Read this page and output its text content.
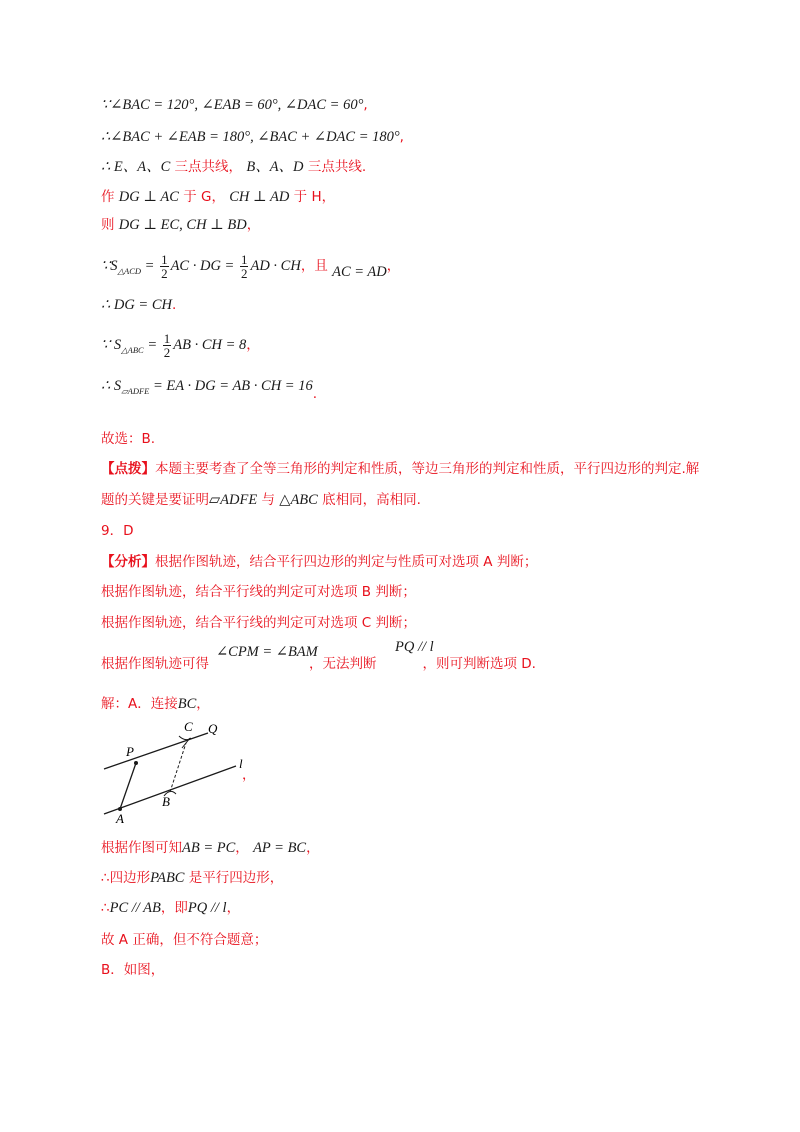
∵∠BAC = 120°, ∠EAB = 60°, ∠DAC = 60°,
∴∠BAC + ∠EAB = 180°, ∠BAC + ∠DAC = 180°,
∴ E、A、C 三点共线， B、A、D 三点共线.
作 DG ⊥ AC 于 G， CH ⊥ AD 于 H，
则 DG ⊥ EC, CH ⊥ BD，
$\because S_{\triangle ACD} = \frac{1}{2}$ AC · DG = $\frac{1}{2}$ AD · CH，且 AC = AD，
∴ DG = CH.
∵ $S_{\triangle ABC} = \frac{1}{2}$ AB · CH = 8，
∴ $S_{▱ADFE}$ = EA · DG = AB · CH = 16.
故选：B.
【点拨】本题主要考查了全等三角形的判定和性质，等边三角形的判定和性质，平行四边形的判定.解
题的关键是要证明▱ADFE 与 △ABC 底相同，高相同.
9．D
【分析】根据作图轨迹，结合平行四边形的判定与性质可对选项 A 判断；
根据作图轨迹，结合平行线的判定可对选项 B 判断；
根据作图轨迹，结合平行线的判定可对选项 C 判断；
∠CPM = ∠BAM	PQ // l
根据作图轨迹可得	，无法判断	，则可判断选项 D.
解：A．连接BC，
P
C Q
l
B
A
，
根据作图可知AB = PC， AP = BC，
∴四边形PABC 是平行四边形，
∴PC // AB，即PQ // l，
故 A 正确，但不符合题意；
B．如图，
